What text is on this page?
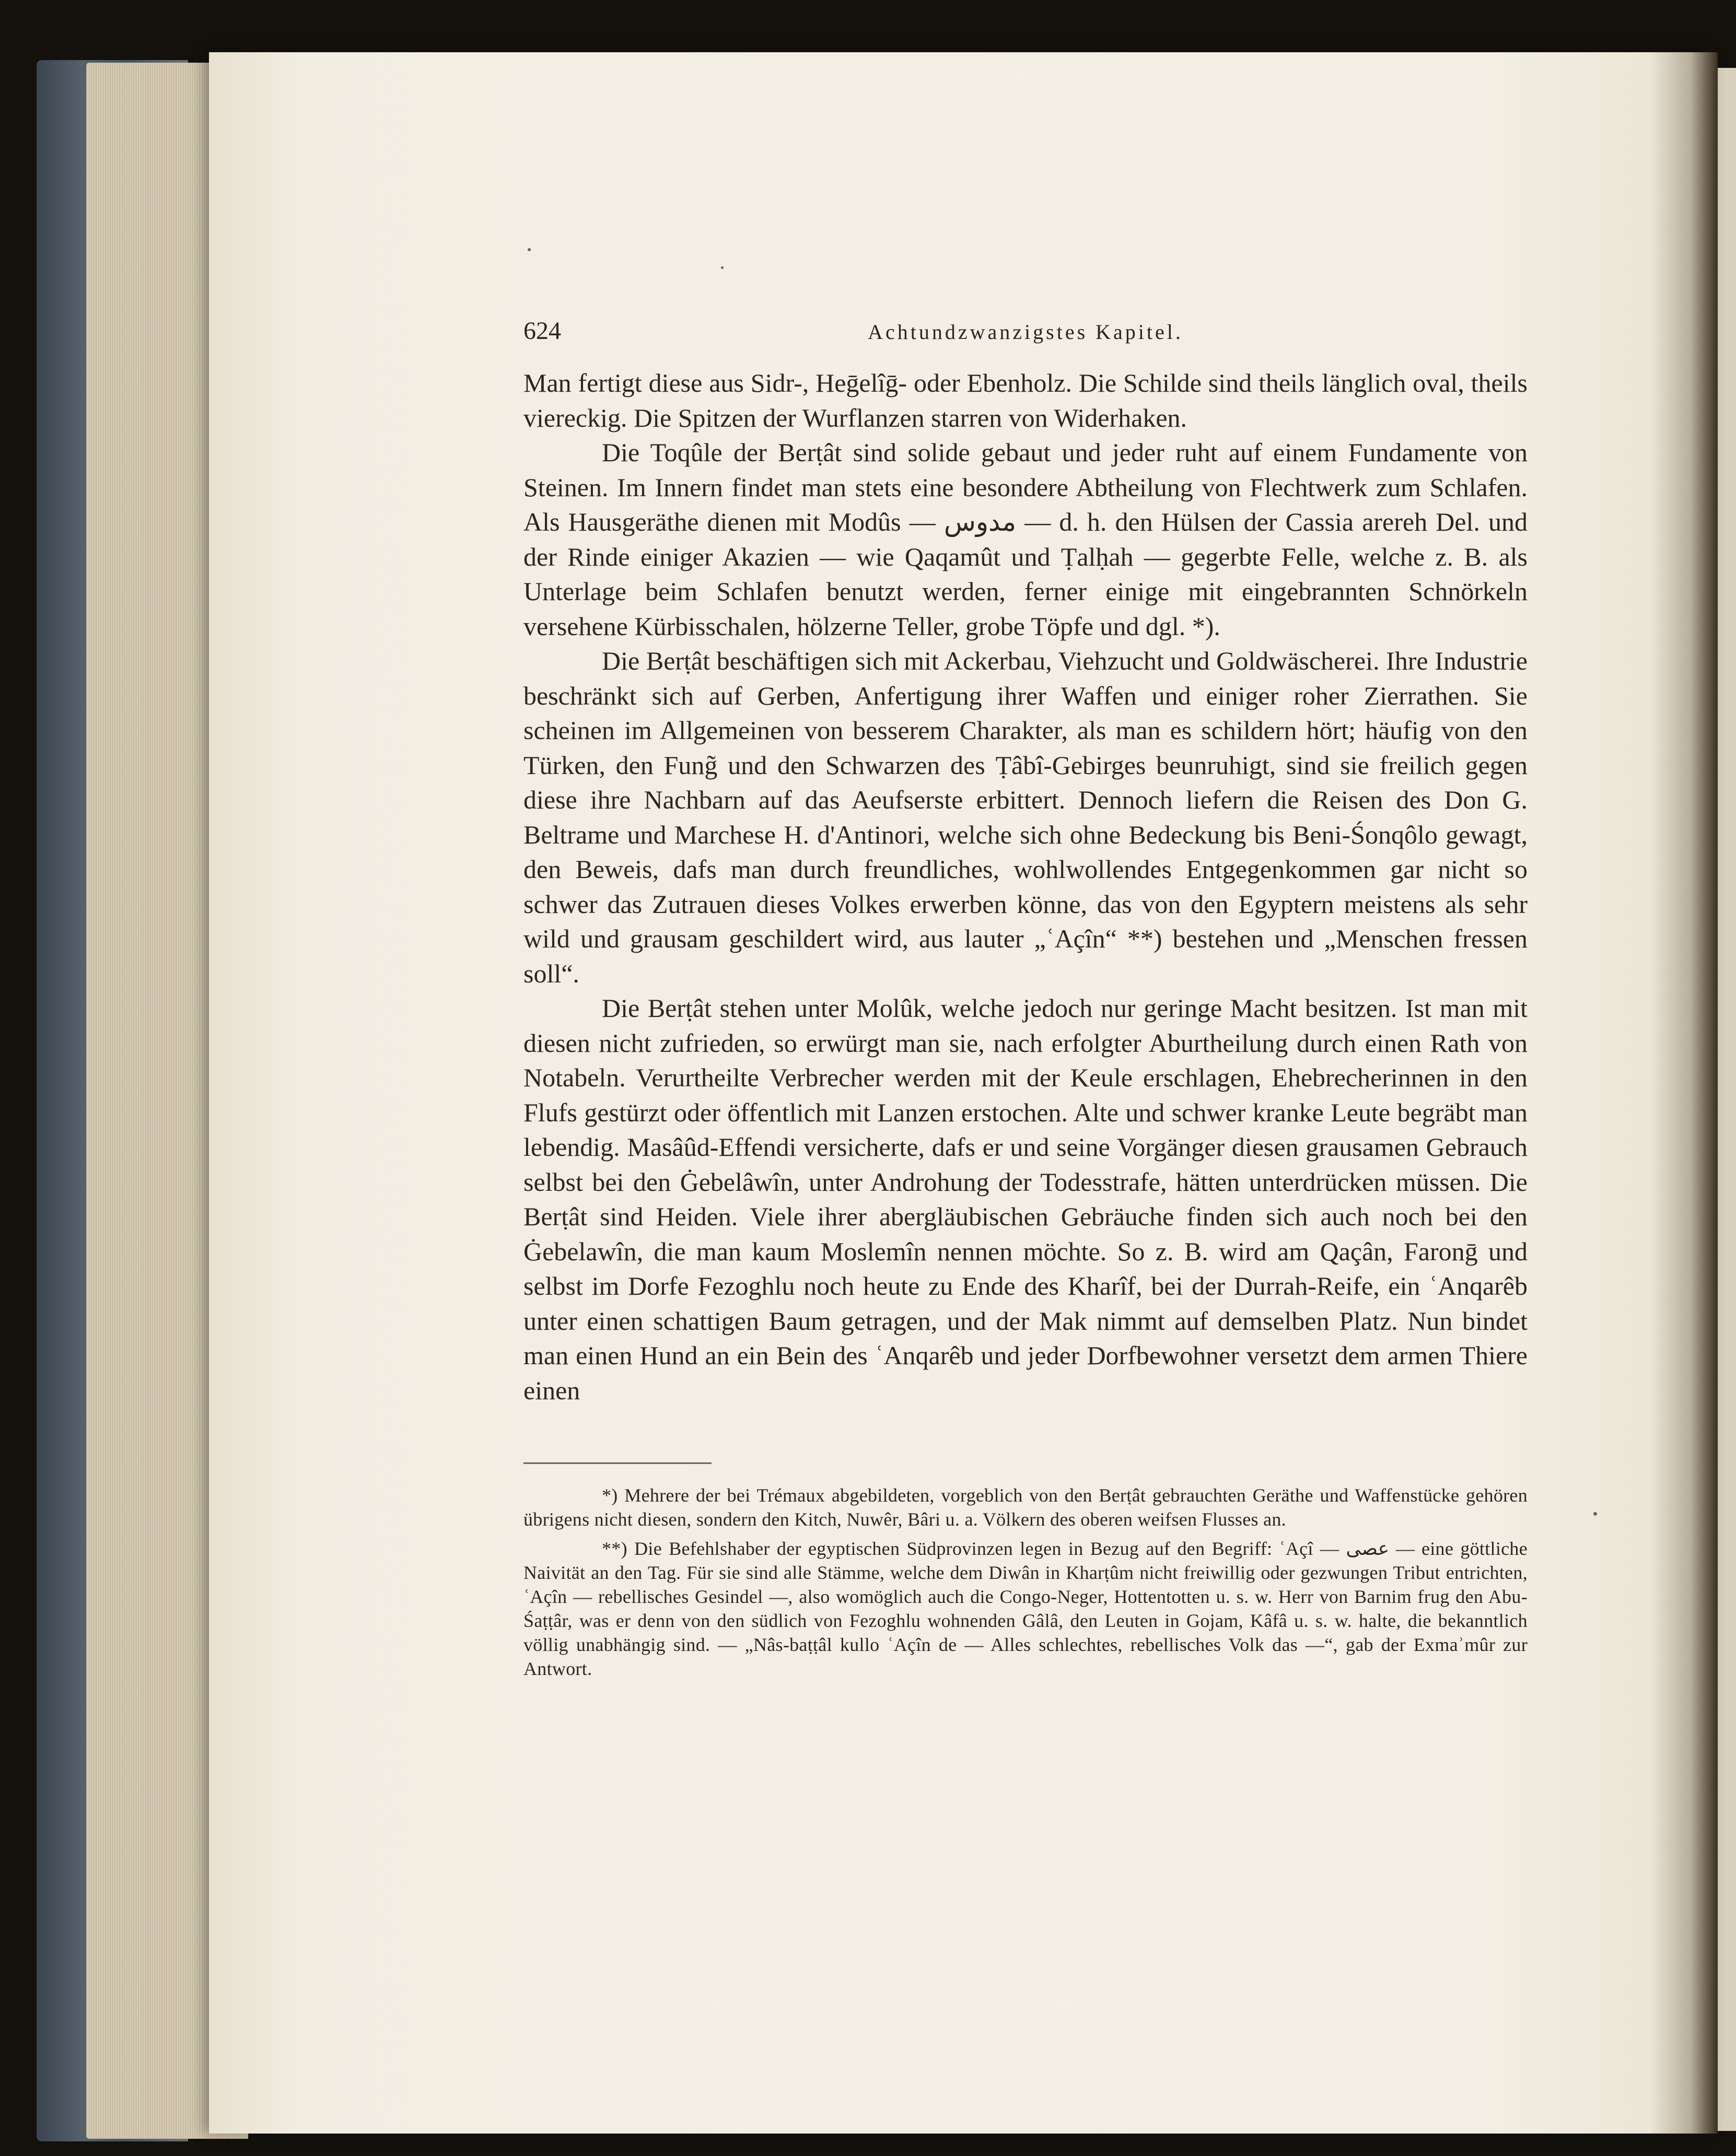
624	Achtundzwanzigstes Kapitel.

Man fertigt diese aus Sidr-, Heḡelîḡ- oder Ebenholz. Die Schilde sind theils länglich oval, theils viereckig. Die Spitzen der Wurflanzen starren von Widerhaken.

Die Toqûle der Berṭât sind solide gebaut und jeder ruht auf einem Fundamente von Steinen. Im Innern findet man stets eine besondere Abtheilung von Flechtwerk zum Schlafen. Als Hausgeräthe dienen mit Modûs — مدوس — d. h. den Hülsen der Cassia arereh Del. und der Rinde einiger Akazien — wie Qaqamût und Ṭalḥah — gegerbte Felle, welche z. B. als Unterlage beim Schlafen benutzt werden, ferner einige mit eingebrannten Schnörkeln versehene Kürbisschalen, hölzerne Teller, grobe Töpfe und dgl. *).

Die Berṭât beschäftigen sich mit Ackerbau, Viehzucht und Goldwäscherei. Ihre Industrie beschränkt sich auf Gerben, Anfertigung ihrer Waffen und einiger roher Zierrathen. Sie scheinen im Allgemeinen von besserem Charakter, als man es schildern hört; häufig von den Türken, den Fung̃ und den Schwarzen des Ṭâbî-Gebirges beunruhigt, sind sie freilich gegen diese ihre Nachbarn auf das Aeufserste erbittert. Dennoch liefern die Reisen des Don G. Beltrame und Marchese H. d'Antinori, welche sich ohne Bedeckung bis Beni-Śonqôlo gewagt, den Beweis, dafs man durch freundliches, wohlwollendes Entgegenkommen gar nicht so schwer das Zutrauen dieses Volkes erwerben könne, das von den Egyptern meistens als sehr wild und grausam geschildert wird, aus lauter „ʿAçîn“ **) bestehen und „Menschen fressen soll“.

Die Berṭât stehen unter Molûk, welche jedoch nur geringe Macht besitzen. Ist man mit diesen nicht zufrieden, so erwürgt man sie, nach erfolgter Aburtheilung durch einen Rath von Notabeln. Verurtheilte Verbrecher werden mit der Keule erschlagen, Ehebrecherinnen in den Flufs gestürzt oder öffentlich mit Lanzen erstochen. Alte und schwer kranke Leute begräbt man lebendig. Masâûd-Effendi versicherte, dafs er und seine Vorgänger diesen grausamen Gebrauch selbst bei den Ġebelâwîn, unter Androhung der Todesstrafe, hätten unterdrücken müssen. Die Berṭât sind Heiden. Viele ihrer abergläubischen Gebräuche finden sich auch noch bei den Ġebelawîn, die man kaum Moslemîn nennen möchte. So z. B. wird am Qaçân, Faronḡ und selbst im Dorfe Fezoghlu noch heute zu Ende des Kharîf, bei der Durrah-Reife, ein ʿAnqarêb unter einen schattigen Baum getragen, und der Mak nimmt auf demselben Platz. Nun bindet man einen Hund an ein Bein des ʿAnqarêb und jeder Dorfbewohner versetzt dem armen Thiere einen

*) Mehrere der bei Trémaux abgebildeten, vorgeblich von den Berṭât gebrauchten Geräthe und Waffenstücke gehören übrigens nicht diesen, sondern den Kitch, Nuwêr, Bâri u. a. Völkern des oberen weifsen Flusses an.

**) Die Befehlshaber der egyptischen Südprovinzen legen in Bezug auf den Begriff: ʿAçî — عصى — eine göttliche Naivität an den Tag. Für sie sind alle Stämme, welche dem Diwân in Kharṭûm nicht freiwillig oder gezwungen Tribut entrichten, ʿAçîn — rebellisches Gesindel —, also womöglich auch die Congo-Neger, Hottentotten u. s. w. Herr von Barnim frug den Abu-Śaṭṭâr, was er denn von den südlich von Fezoghlu wohnenden Gâlâ, den Leuten in Gojam, Kâfâ u. s. w. halte, die bekanntlich völlig unabhängig sind. — „Nâs-baṭṭâl kullo ʿAçîn de — Alles schlechtes, rebellisches Volk das —“, gab der Exmaʾmûr zur Antwort.
